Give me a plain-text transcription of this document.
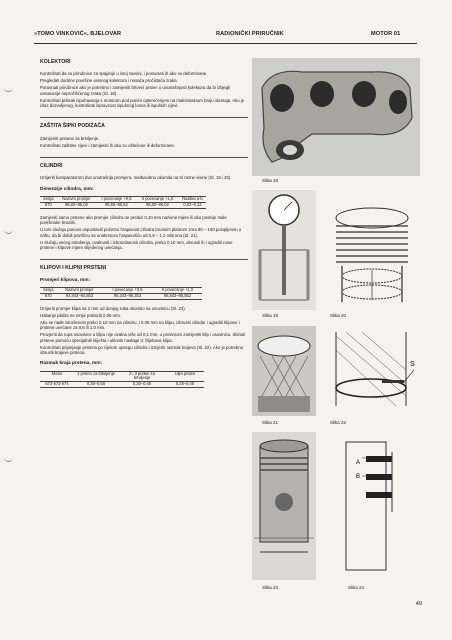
»TOMO VINKOVIĆ«, BJELOVAR	RADIONIČKI PRIRUČNIK	MOTOR 01
KOLEKTORI

Kontrolirati da su prirubnice za spajanje u istoj ravnini, i poravnati ih ako su deformirane.

Pregledati dodirne površine usisnog kolektora i nosača pročistača zraka.

Poravnati prirubnice ako je potrebno i zamijeniti brtveni prsten u unutrašnjosti kolektora da bi izbjegli usisavanje nepročišćenog zraka (Sl. 18).

Kontrolirati prilisak ispuhavanja s motorom pod punim opterećenjem na maksimalnom broju okretaja. Ako je izlaz dozvoljenog, kontrolirati ispravnost ispušnog lonca ili ispušnih cijevi.

ZAŠTITA ŠIPKI PODIZAČA

Zamijeniti prstene za brtvljenje.

Kontrolirati zaštitne cijevi i zamijeniti ih ako su oštećene ili deformirane.

CILINDRI

Izmjeriti komparatorom dva unutrašnja promjera, međusobno okomita na tri razne visine (Sl. 19 i 20).

Dimenzije cilindra, mm:
Serija	Nazivni promjer	I povećanje +0,5	II povećanje +1,0	Razlika a-b
670	95,00–95,02	95,50–95,52	96,00–96,02	0,02–0,12

Zamjeniti samo prstene ako promjer cilindra ne prelazi 0,10 mm nazivne mjere ili ako postoje male površinske brazde.

U tom slučaju ponovo uspostaviti početnu hrapavost cilindra brusnim platnom zrna 80 – 100 polopljenim u naftu, da bi dobili površinu sa unakrsnom hrapavošću od 0,8 – 1,2 mikrona (Sl. 21).

U slučaju većeg istrošenja, ovalnosti i izbrazdanosti cilindra, preko 0,10 mm, obrusiti ih i ugraditi nove prstene i klipove mjere slijedećeg uvećanja.

KLIPOVI I KLIPNI PRSTENI
Promjeri klipova, mm:
Serija	Nazivni promjer	I povećanje +0,5	II povećanje +1,0
670	94,843–94,853	95,343–95,353	95,843–95,853

Izmjeriti promjer klipa na 2 mm od donjeg ruba okomito na osovinicu (Sl. 23).

Habanje plašta ne smije prelaziti 0,05 mm.

Ako se nađe istrošenost preko 0,10 mm na cilindru, i 0,05 mm na klipu, izbrusiti cilindar i ugraditi klipove i prstene uvećane za 0,5 ili 1,0 mm.

Provjeriti da rupa osovinice u klipu nije ovalna više od 0,1 mm, u protivnom zamijeniti klip i osovinicu. Skinuti prstene pomoću specijalnih kliješta i ukloniti naslage iz žlijebova klipa.

Kontrolirati prijanjanje prstena po cijelom opsegu cilindra i izmjeriti razmak krajeva (Sl. 22). Ako je potrebno obrusiti krajeve prstena.

Razmak kraja prstena, mm:
Motor	1 prsten za brtvljenje	2 i 3 prsten za brtvljenje	Uljni prsten
672-673-674	0,35–0,55	0,30–0,45	0,25–0,40
Slika 18
Slika 19	Slika 20
Slika 21
S
Slika 22
Slika 23
A
B
Slika 24
49
